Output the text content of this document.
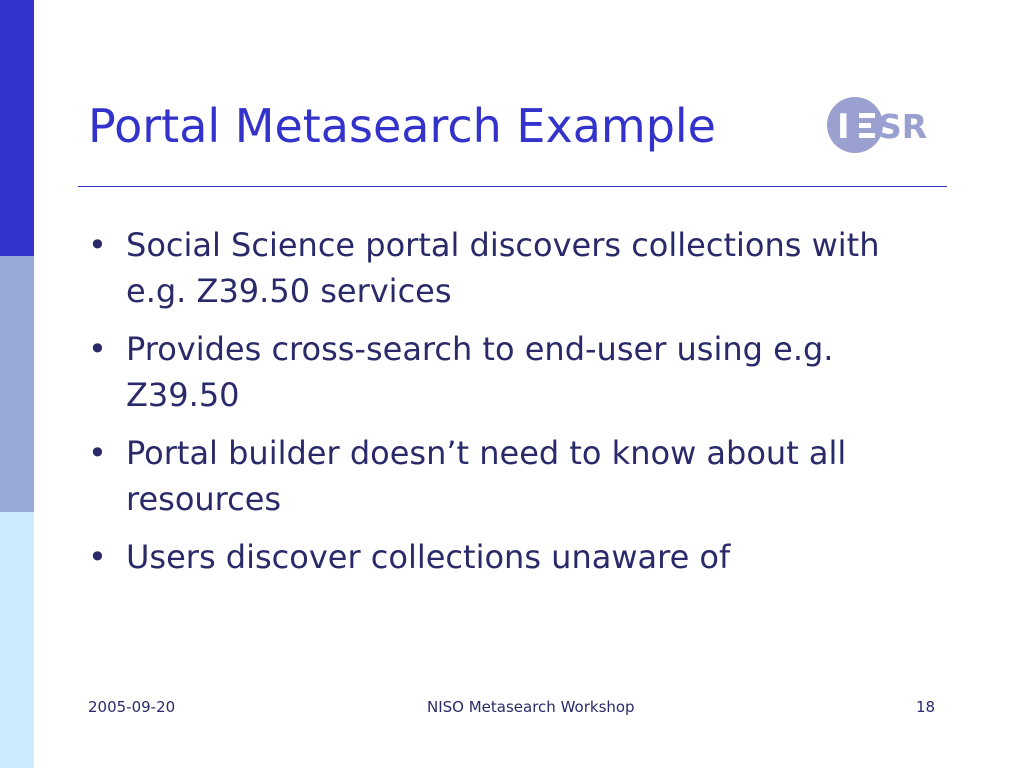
Portal Metasearch Example	I SR
• Social Science portal discovers collections with e.g. Z39.50 services
• Provides cross-search to end-user using e.g. Z39.50
• Portal builder doesn’t need to know about all resources
• Users discover collections unaware of
2005-09-20	NISO Metasearch Workshop	18
